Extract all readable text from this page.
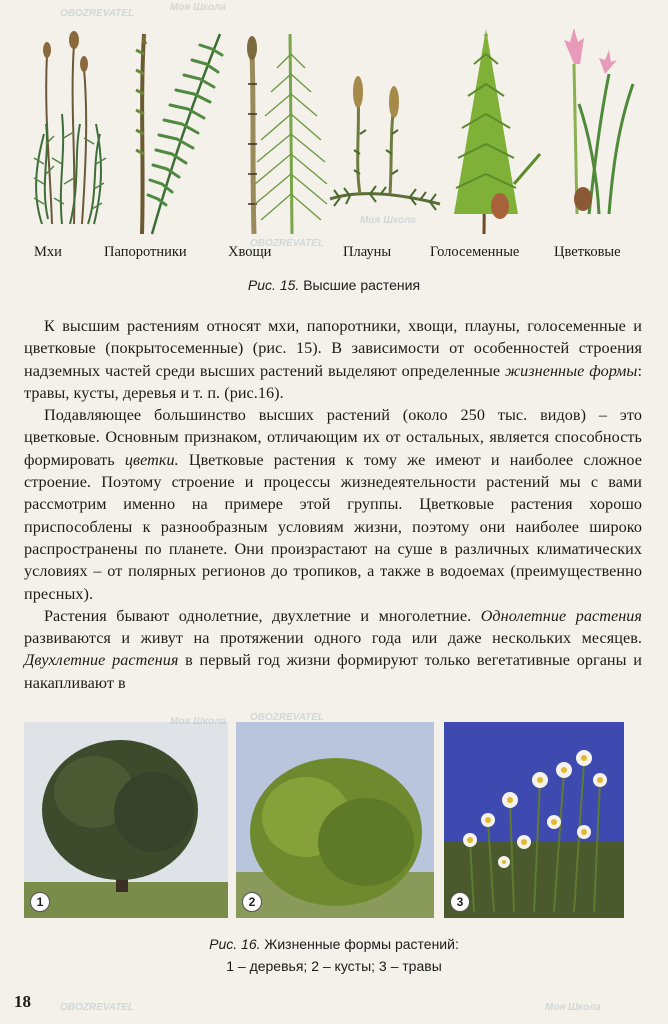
Мхи	Папоротники	Хвощи	Плауны	Голосеменные Цветковые
Рис. 15. Высшие растения

К высшим растениям относят мхи, папоротники, хвощи, плауны, голосеменные и цветковые (покрытосеменные) (рис. 15). В зависимости от особенностей строения надземных частей среди высших растений выделяют определенные жизненные формы: травы, кусты, деревья и т. п. (рис.16).

Подавляющее большинство высших растений (около 250 тыс. видов) – это цветковые. Основным признаком, отличающим их от остальных, является способность формировать цветки. Цветковые растения к тому же имеют и наиболее сложное строение. Поэтому строение и процессы жизнедеятельности растений мы с вами рассмотрим именно на примере этой группы. Цветковые растения хорошо приспособлены к разнообразным условиям жизни, поэтому они наиболее широко распространены по планете. Они произрастают на суше в различных климатических условиях – от полярных регионов до тропиков, а также в водоемах (преимущественно пресных).

Растения бывают однолетние, двухлетние и многолетние. Однолетние растения развиваются и живут на протяжении одного года или даже нескольких месяцев. Двухлетние растения в первый год жизни формируют только вегетативные органы и накапливают в

1	2	3
Рис. 16. Жизненные формы растений:
1 – деревья; 2 – кусты; 3 – травы
18
Моя Школа
OBOZREVATEL
Моя Школа
OBOZREVATEL
Моя Школа OBOZREVATEL
Моя Школа
OBOZREVATEL
